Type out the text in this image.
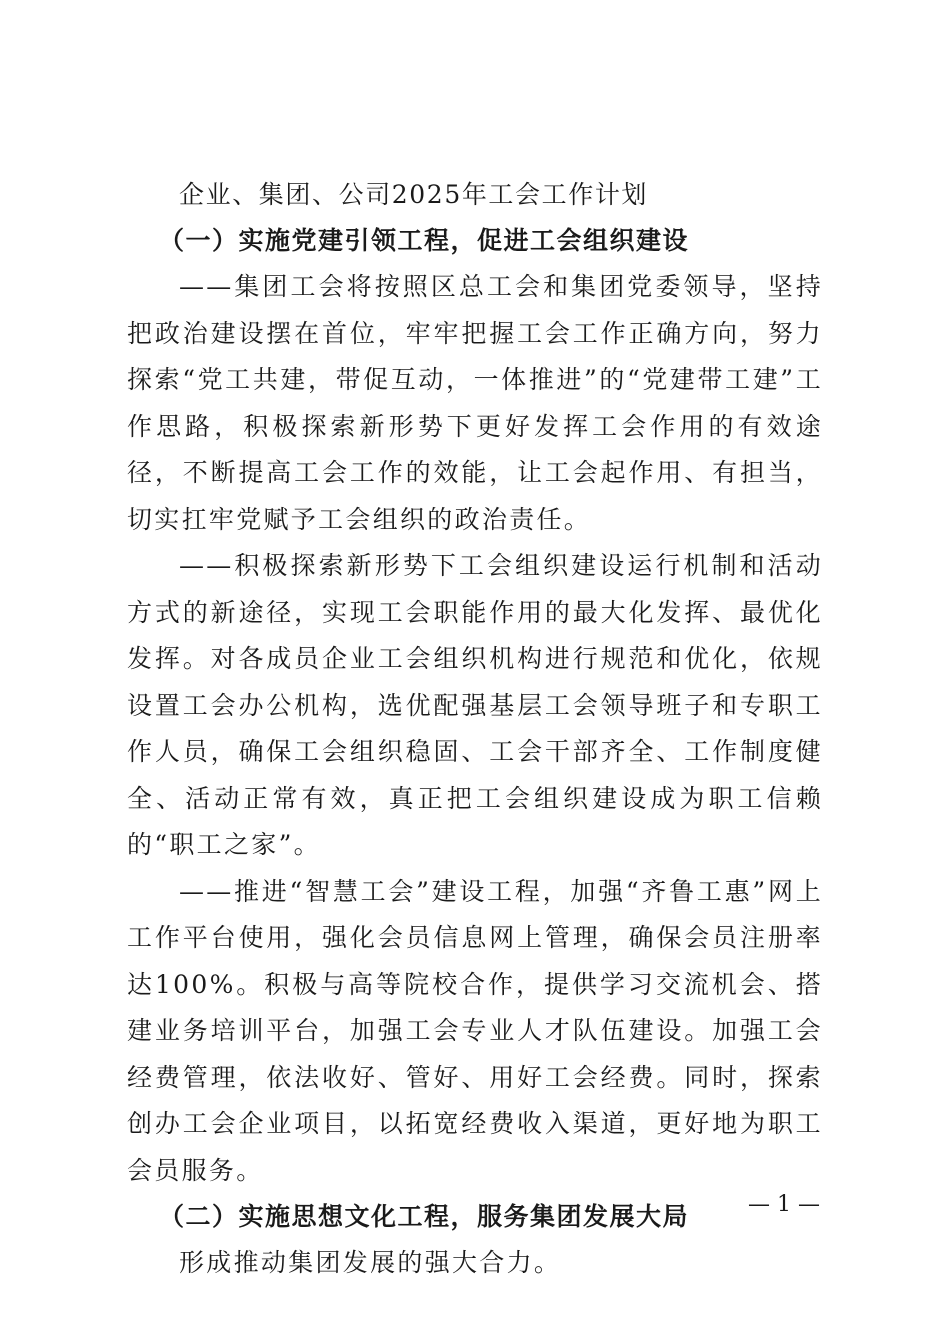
企业、集团、公司2025年工会工作计划
（一）实施党建引领工程，促进工会组织建设

——集团工会将按照区总工会和集团党委领导，坚持把政治建设摆在首位，牢牢把握工会工作正确方向，努力探索“党工共建，带促互动，一体推进”的“党建带工建”工作思路，积极探索新形势下更好发挥工会作用的有效途径，不断提高工会工作的效能，让工会起作用、有担当，切实扛牢党赋予工会组织的政治责任。

——积极探索新形势下工会组织建设运行机制和活动方式的新途径，实现工会职能作用的最大化发挥、最优化发挥。对各成员企业工会组织机构进行规范和优化，依规设置工会办公机构，选优配强基层工会领导班子和专职工作人员，确保工会组织稳固、工会干部齐全、工作制度健全、活动正常有效，真正把工会组织建设成为职工信赖的“职工之家”。

——推进“智慧工会”建设工程，加强“齐鲁工惠”网上工作平台使用，强化会员信息网上管理，确保会员注册率达100%。积极与高等院校合作，提供学习交流机会、搭建业务培训平台，加强工会专业人才队伍建设。加强工会经费管理，依法收好、管好、用好工会经费。同时，探索创办工会企业项目，以拓宽经费收入渠道，更好地为职工会员服务。

（二）实施思想文化工程，服务集团发展大局

形成推动集团发展的强大合力。

— 1 —
